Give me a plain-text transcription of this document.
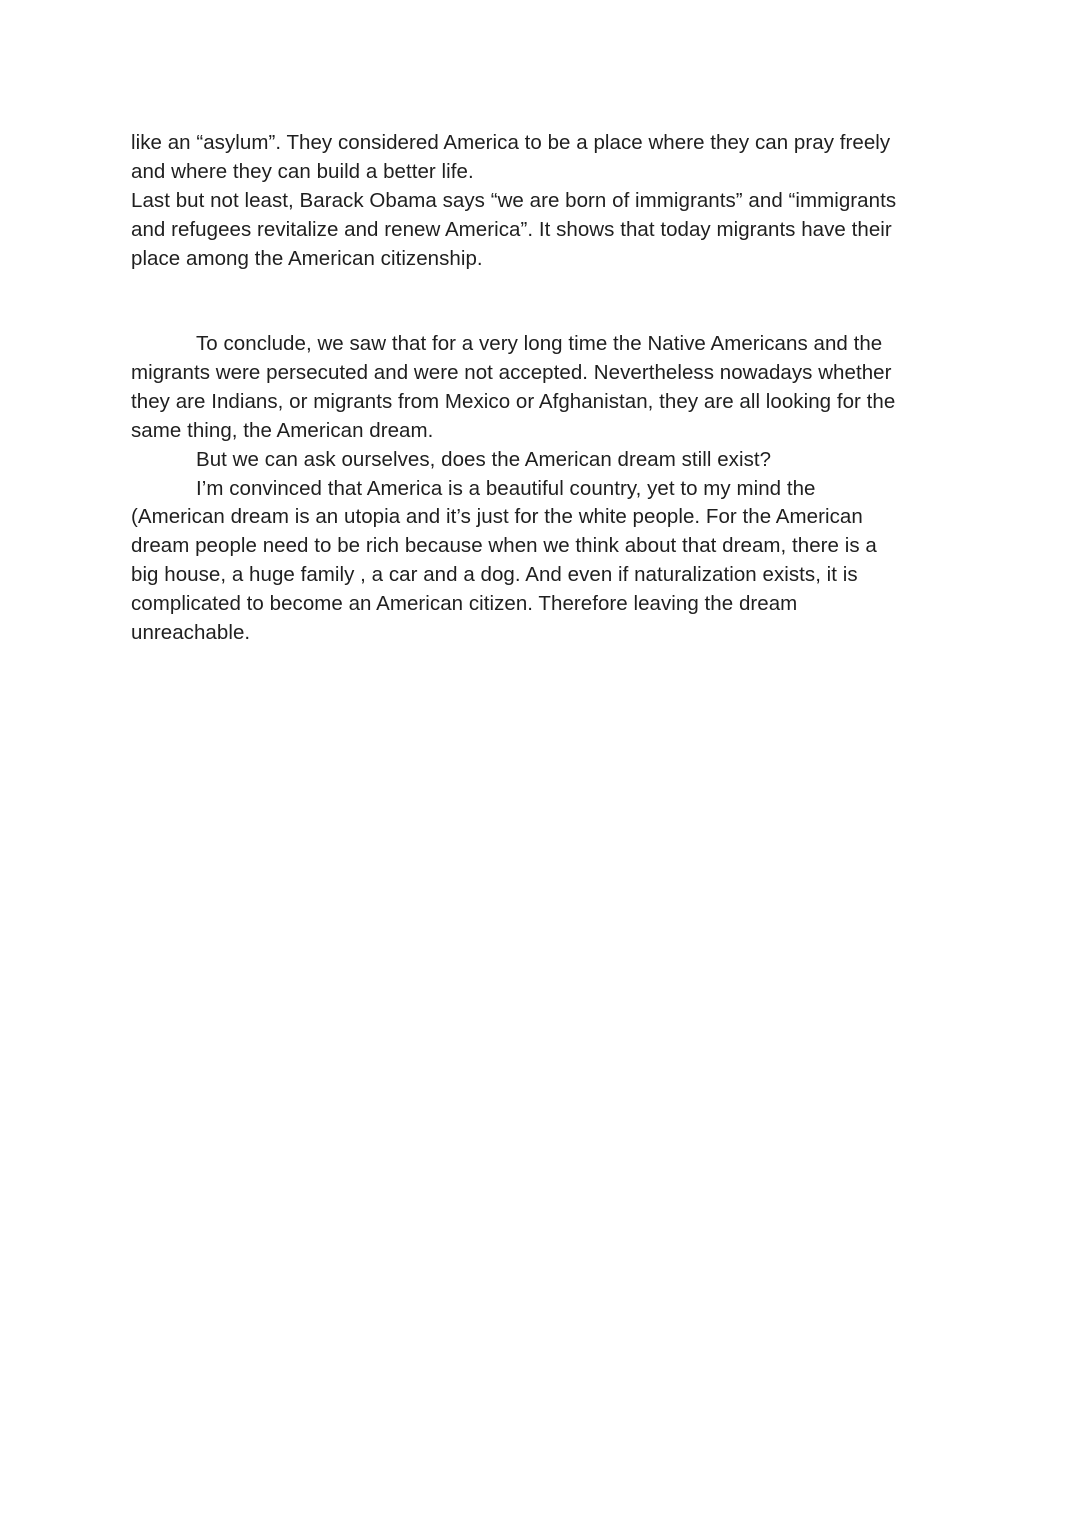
like an “asylum”. They considered America to be a place where they can pray freely
and where they can build a better life.
Last but not least, Barack Obama says “we are born of immigrants” and “immigrants
and refugees revitalize and renew America”. It shows that today migrants have their
place among the American citizenship.
To conclude, we saw that for a very long time the Native Americans and the
migrants were persecuted and were not accepted. Nevertheless nowadays whether
they are Indians, or migrants from Mexico or Afghanistan, they are all looking for the
same thing, the American dream.
But we can ask ourselves, does the American dream still exist?
I’m convinced that America is a beautiful country, yet to my mind the
(American dream is an utopia and it’s just for the white people. For the American
dream people need to be rich because when we think about that dream, there is a
big house, a huge family , a car and a dog. And even if naturalization exists, it is
complicated to become an American citizen. Therefore leaving the dream
unreachable.
